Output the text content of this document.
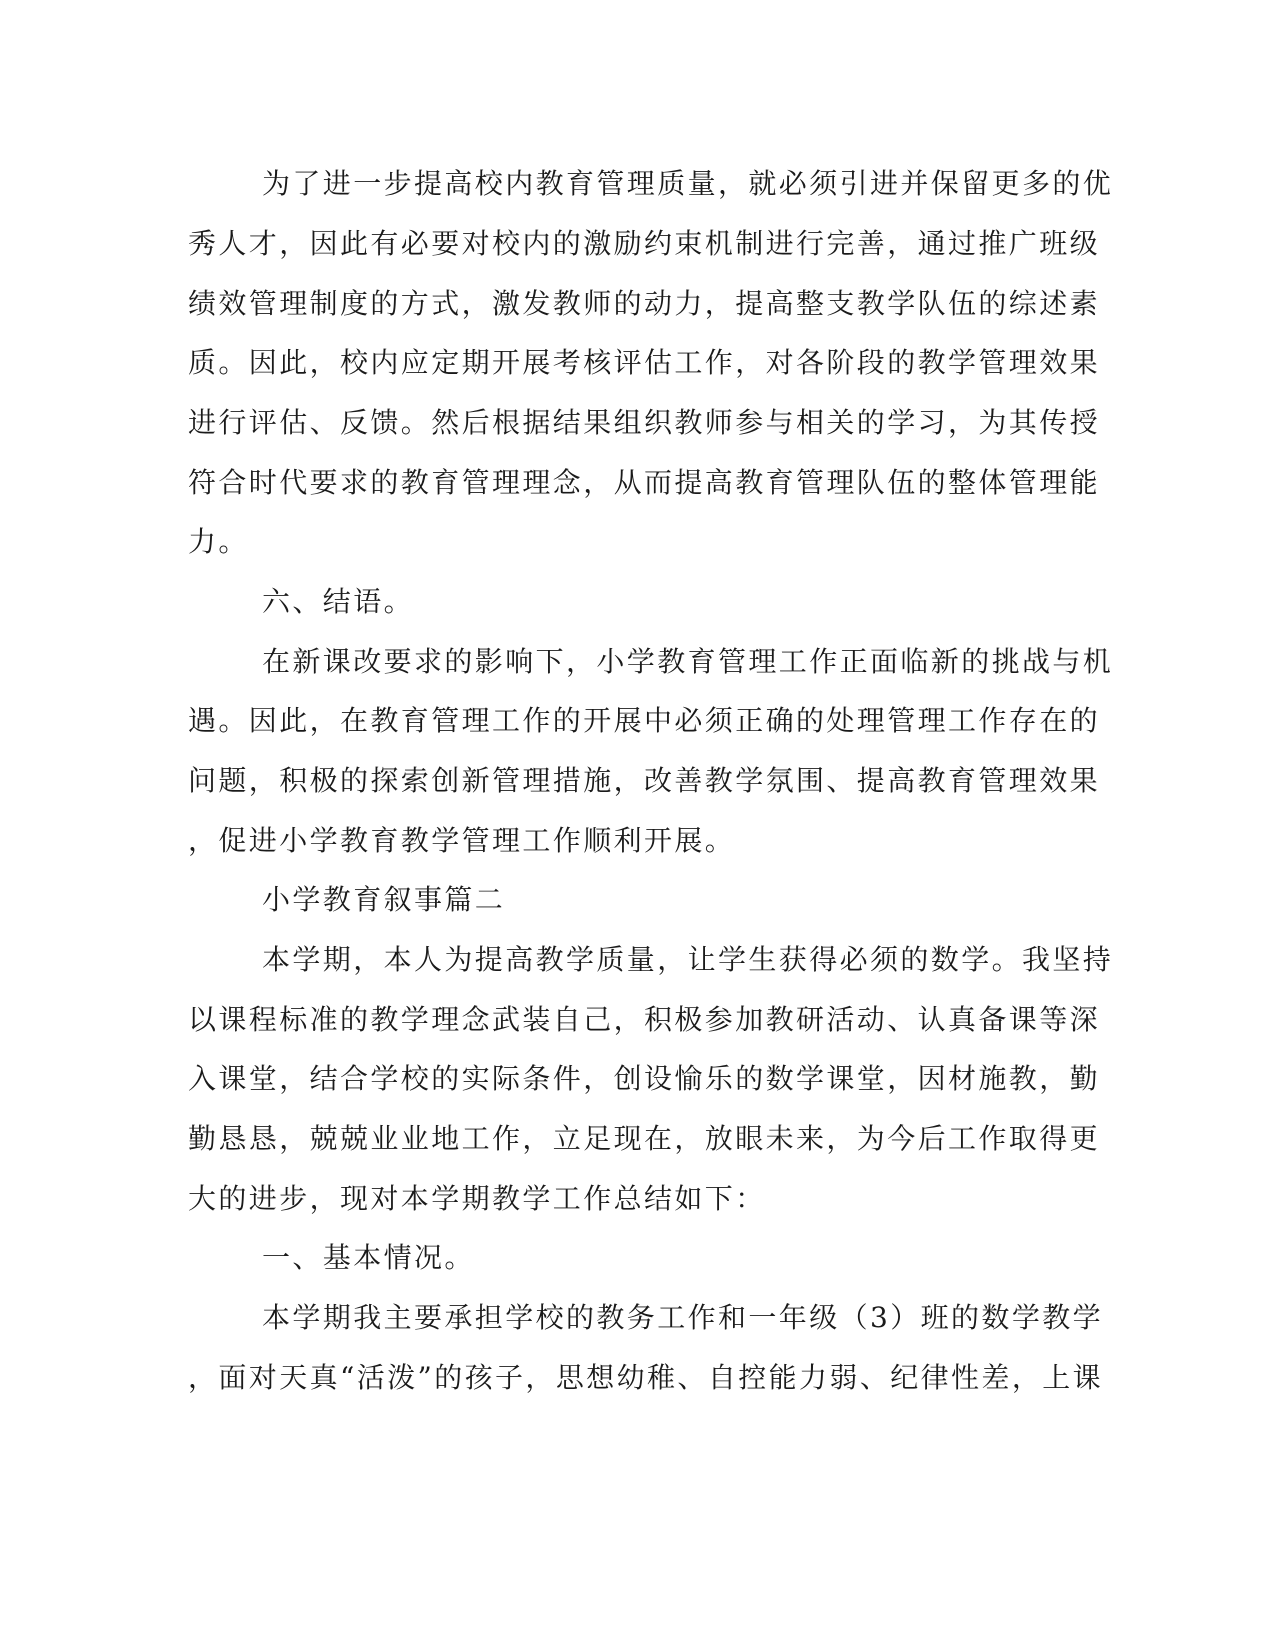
为了进一步提高校内教育管理质量，就必须引进并保留更多的优
秀人才，因此有必要对校内的激励约束机制进行完善，通过推广班级
绩效管理制度的方式，激发教师的动力，提高整支教学队伍的综述素
质。因此，校内应定期开展考核评估工作，对各阶段的教学管理效果
进行评估、反馈。然后根据结果组织教师参与相关的学习，为其传授
符合时代要求的教育管理理念，从而提高教育管理队伍的整体管理能
力。
六、结语。
在新课改要求的影响下，小学教育管理工作正面临新的挑战与机
遇。因此，在教育管理工作的开展中必须正确的处理管理工作存在的
问题，积极的探索创新管理措施，改善教学氛围、提高教育管理效果
，促进小学教育教学管理工作顺利开展。
小学教育叙事篇二
本学期，本人为提高教学质量，让学生获得必须的数学。我坚持
以课程标准的教学理念武装自己，积极参加教研活动、认真备课等深
入课堂，结合学校的实际条件，创设愉乐的数学课堂，因材施教，勤
勤恳恳，兢兢业业地工作，立足现在，放眼未来，为今后工作取得更
大的进步，现对本学期教学工作总结如下：
一、基本情况。
本学期我主要承担学校的教务工作和一年级（3）班的数学教学
，面对天真“活泼”的孩子，思想幼稚、自控能力弱、纪律性差，上课
